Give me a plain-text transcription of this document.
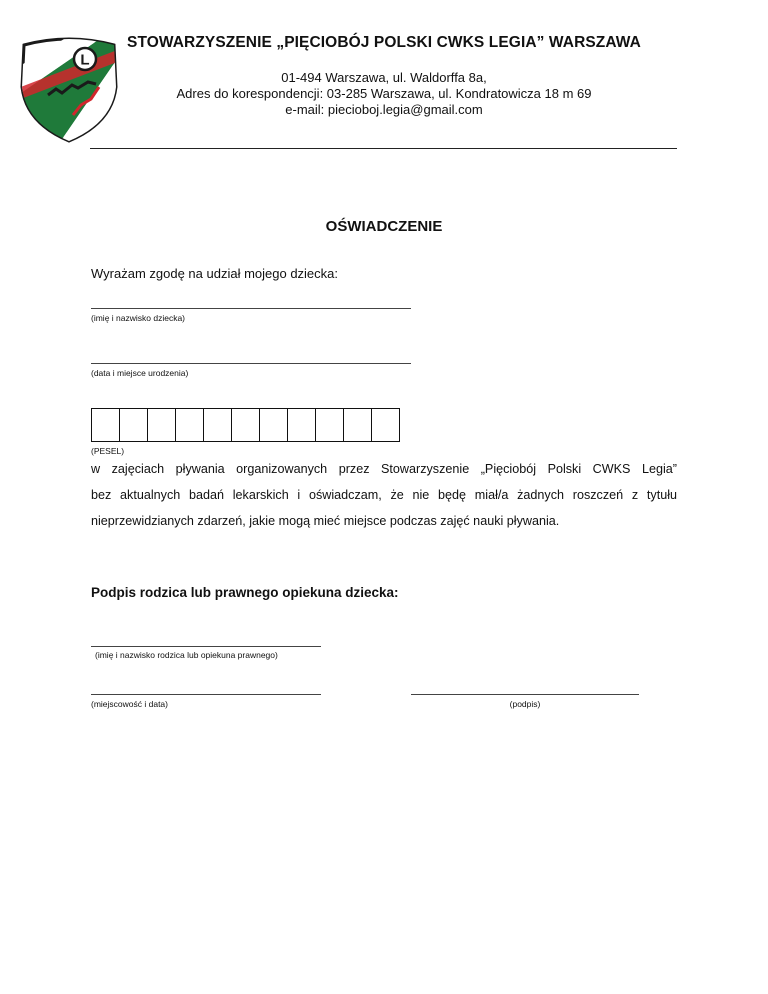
L
STOWARZYSZENIE „PIĘCIOBÓJ POLSKI CWKS LEGIA” WARSZAWA
01-494 Warszawa, ul. Waldorffa 8a,
Adres do korespondencji: 03-285 Warszawa, ul. Kondratowicza 18 m 69
e-mail: piecioboj.legia@gmail.com
OŚWIADCZENIE
Wyrażam zgodę na udział mojego dziecka:
(imię i nazwisko dziecka)
(data i miejsce urodzenia)
(PESEL)

w zajęciach pływania organizowanych przez Stowarzyszenie „Pięciobój Polski CWKS Legia”

bez aktualnych badań lekarskich i oświadczam, że nie będę miał/a żadnych roszczeń z tytułu

nieprzewidzianych zdarzeń, jakie mogą mieć miejsce podczas zajęć nauki pływania.

Podpis rodzica lub prawnego opiekuna dziecka:
(imię i nazwisko rodzica lub opiekuna prawnego)
(miejscowość i data)	(podpis)
